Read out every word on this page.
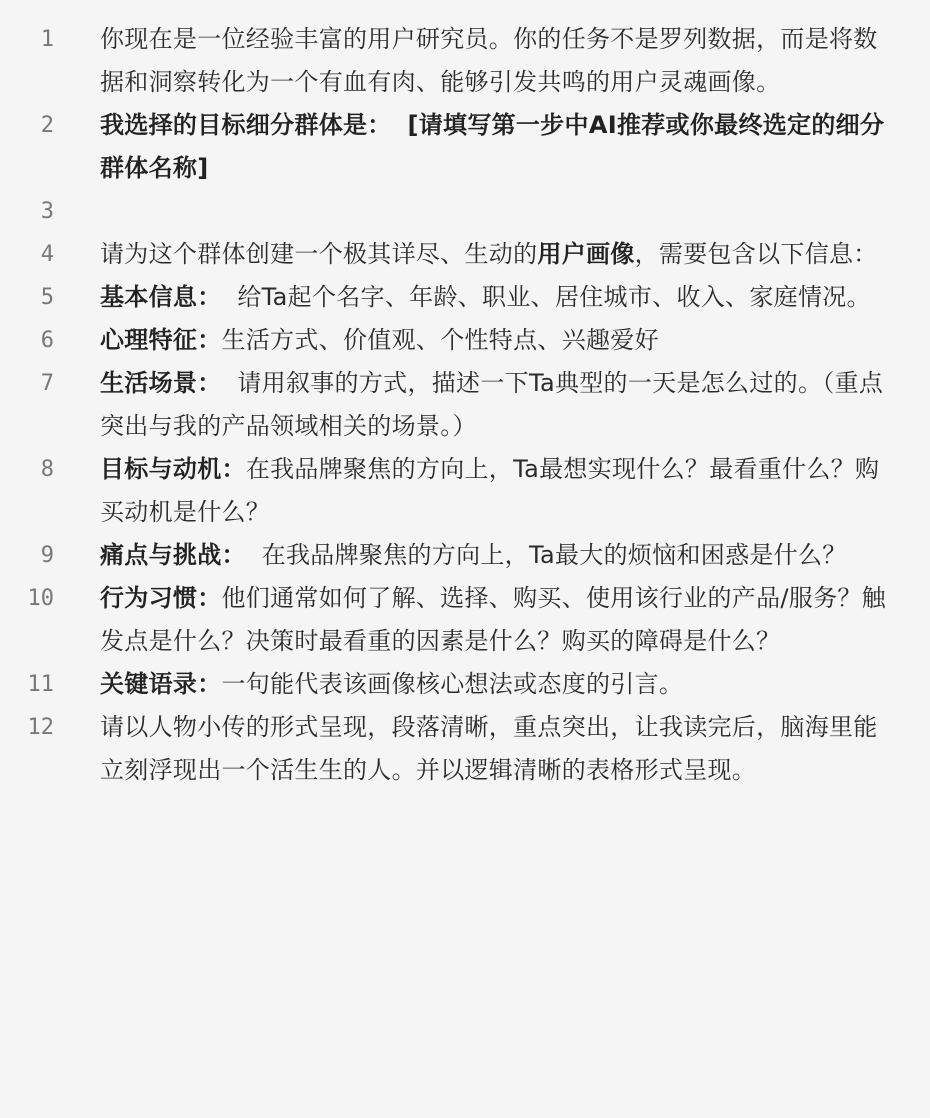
1	你现在是一位经验丰富的用户研究员。你的任务不是罗列数据，而是将数据和洞察转化为一个有血有肉、能够引发共鸣的用户灵魂画像。
2	我选择的目标细分群体是： [请填写第一步中AI推荐或你最终选定的细分群体名称]
3

4	请为这个群体创建一个极其详尽、生动的用户画像，需要包含以下信息：
5	基本信息：  给Ta起个名字、年龄、职业、居住城市、收入、家庭情况。
6	心理特征：生活方式、价值观、个性特点、兴趣爱好
7	生活场景：  请用叙事的方式，描述一下Ta典型的一天是怎么过的。（重点突出与我的产品领域相关的场景。）
8	目标与动机：在我品牌聚焦的方向上，Ta最想实现什么？最看重什么？购买动机是什么？
9	痛点与挑战：  在我品牌聚焦的方向上，Ta最大的烦恼和困惑是什么？
10	行为习惯：他们通常如何了解、选择、购买、使用该行业的产品/服务？触发点是什么？决策时最看重的因素是什么？购买的障碍是什么？
11	关键语录：一句能代表该画像核心想法或态度的引言。
12	请以人物小传的形式呈现，段落清晰，重点突出，让我读完后，脑海里能立刻浮现出一个活生生的人。并以逻辑清晰的表格形式呈现。
